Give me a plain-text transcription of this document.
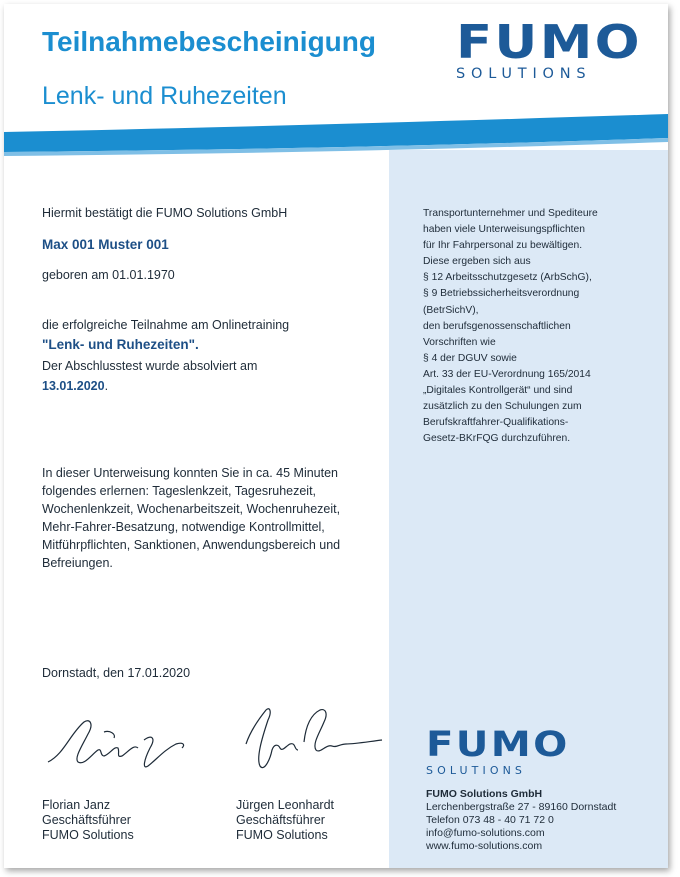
Teilnahmebescheinigung
Lenk- und Ruhezeiten
FUMO
SOLUTIONS
Hiermit bestätigt die FUMO Solutions GmbH
Max 001 Muster 001
geboren am 01.01.1970
die erfolgreiche Teilnahme am Onlinetraining
"Lenk- und Ruhezeiten".
Der Abschlusstest wurde absolviert am
13.01.2020.
In dieser Unterweisung konnten Sie in ca. 45 Minuten
folgendes erlernen: Tageslenkzeit, Tagesruhezeit,
Wochenlenkzeit, Wochenarbeitszeit, Wochenruhezeit,
Mehr-Fahrer-Besatzung, notwendige Kontrollmittel,
Mitführpflichten, Sanktionen, Anwendungsbereich und
Befreiungen.
Dornstadt, den 17.01.2020
Florian Janz
Geschäftsführer
FUMO Solutions
Jürgen Leonhardt
Geschäftsführer
FUMO Solutions
Transportunternehmer und Spediteure
haben viele Unterweisungspflichten
für Ihr Fahrpersonal zu bewältigen.
Diese ergeben sich aus
§ 12 Arbeitsschutzgesetz (ArbSchG),
§ 9 Betriebssicherheitsverordnung
(BetrSichV),
den berufsgenossenschaftlichen
Vorschriften wie
§ 4 der DGUV sowie
Art. 33 der EU-Verordnung 165/2014
„Digitales Kontrollgerät“ und sind
zusätzlich zu den Schulungen zum
Berufskraftfahrer-Qualifikations-
Gesetz-BKrFQG durchzuführen.
FUMO
SOLUTIONS
FUMO Solutions GmbH
Lerchenbergstraße 27 - 89160 Dornstadt
Telefon 073 48 - 40 71 72 0
info@fumo-solutions.com
www.fumo-solutions.com
